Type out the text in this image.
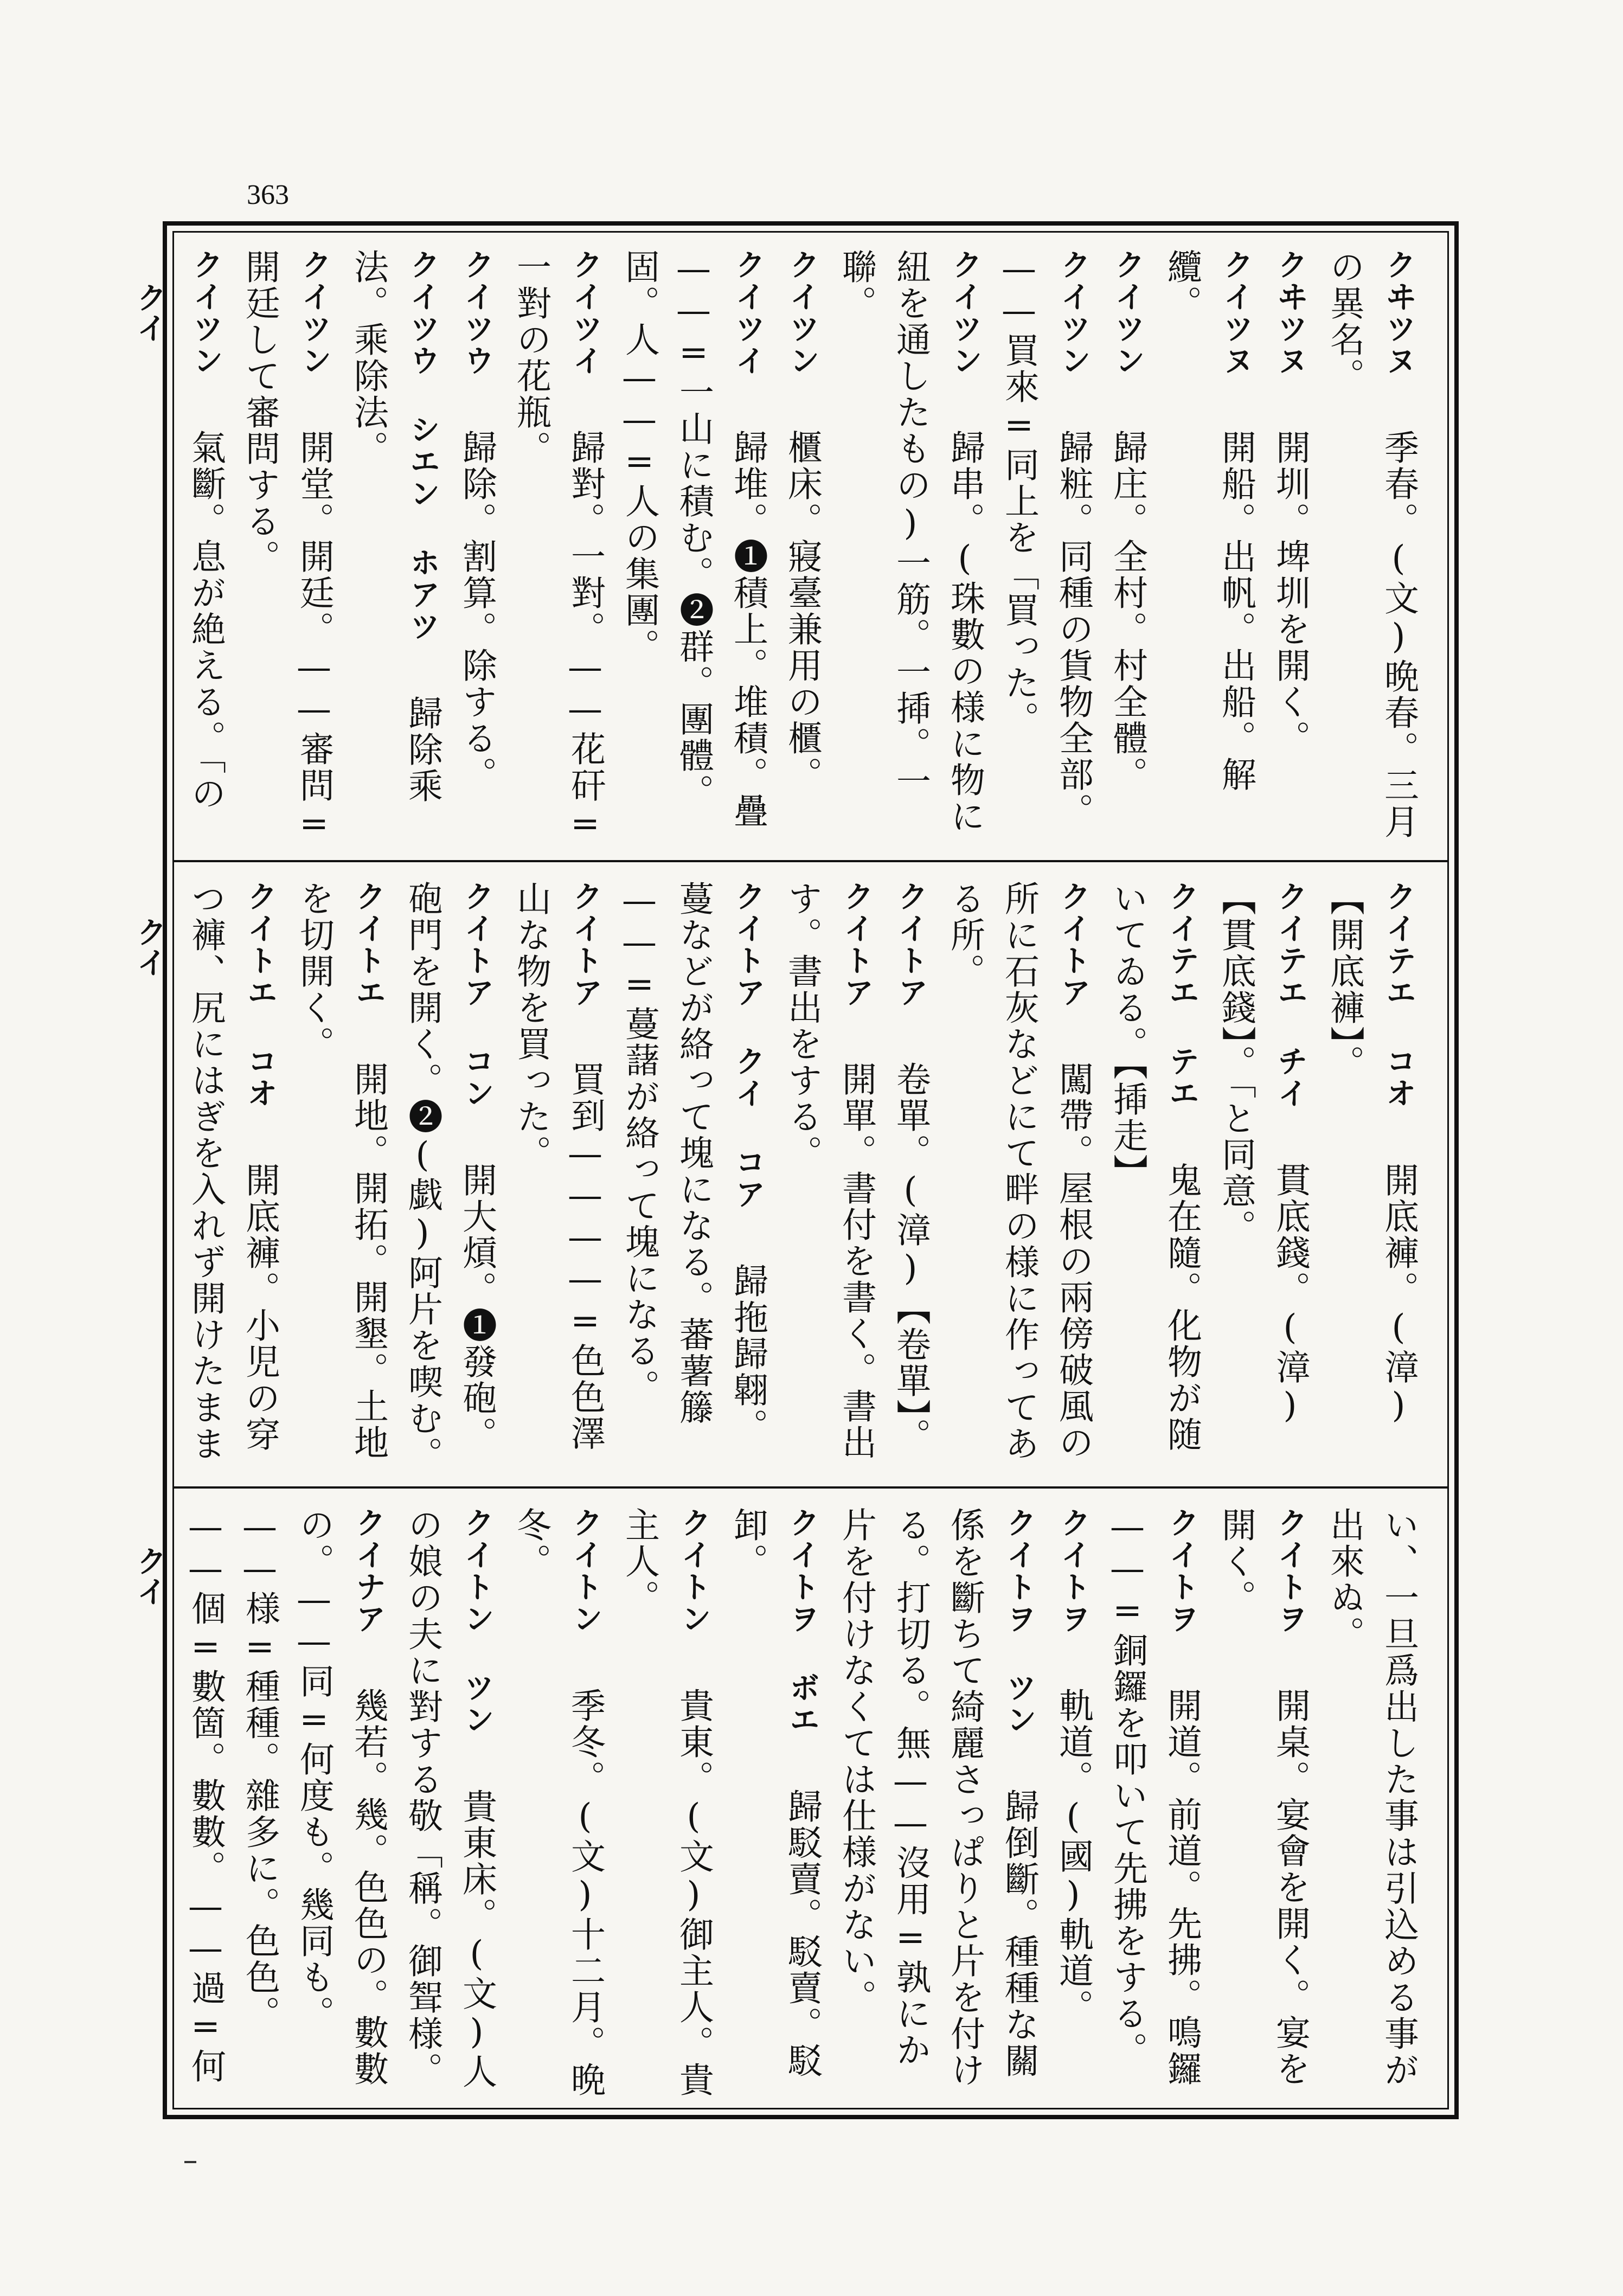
363
クイ
クイ
クイ
クヰツヌ　季春。(文)晩春。三月の異名。
クヰツヌ　開圳。埤圳を開く。
クイツヌ　開船。出帆。出船。解纜。
クイツン　歸庄。全村。村全體。
クイツン　歸粧。同種の貨物全部。——買來=同上を「買った。
クイツン　歸串。(珠數の様に物に紐を通したもの)一筋。一揷。一聯。
クイツン　櫃床。寢臺兼用の櫃。
クイツイ　歸堆。❶積上。堆積。疊——=一山に積む。❷群。團體。固。人——=人の集團。
クイツイ　歸對。一對。——花矸=一對の花瓶。
クイツウ　歸除。割算。除する。
クイツウ シエン ホアツ　歸除乘法。乘除法。
クイツン　開堂。開廷。——審問=開廷して審問する。
クイツン　氣斷。息が絶える。「の

クイテエ コオ　開底褲。(漳)【開底褲】。
クイテエ チイ　貫底錢。(漳)【貫底錢】。「と同意。
クイテエ テエ　鬼在隨。化物が随いてゐる。【揷走】
クイトア　闖帶。屋根の兩傍破風の所に石灰などにて畔の様に作ってある所。
クイトア　卷單。(漳)【卷單】。
クイトア　開單。書付を書く。書出す。書出をする。
クイトア クイ コア　歸拖歸翺。蔓などが絡って塊になる。蕃薯籐——=蔓藷が絡って塊になる。
クイトア　買到————=色色澤山な物を買った。
クイトア コン　開大熕。❶發砲。砲門を開く。❷(戯)阿片を喫む。
クイトエ　開地。開拓。開墾。土地を切開く。
クイトエ コオ　開底褲。小児の穿つ褲、尻にはぎを入れず開けたまま

い、一旦爲出した事は引込める事が出來ぬ。
クイトヲ　開桌。宴會を開く。宴を開く。
クイトヲ　開道。前道。先拂。鳴鑼——=銅鑼を叩いて先拂をする。
クイトヲ　軌道。(國)軌道。
クイトヲ ツン　歸倒斷。種種な關係を斷ちて綺麗さっぱりと片を付ける。打切る。無——沒用=孰にか片を付けなくては仕様がない。
クイトヲ ボエ　歸駁賣。駁賣。駁卸。
クイトン　貴東。(文)御主人。貴主人。
クイトン　季冬。(文)十二月。晩冬。
クイトン ツン　貴東床。(文)人の娘の夫に對する敬「稱。御聟様。
クイナア　幾若。幾。色色の。數數の。——同=何度も。幾同も。——様=種種。雜多に。色色。——個=數箇。數數。——過=何
